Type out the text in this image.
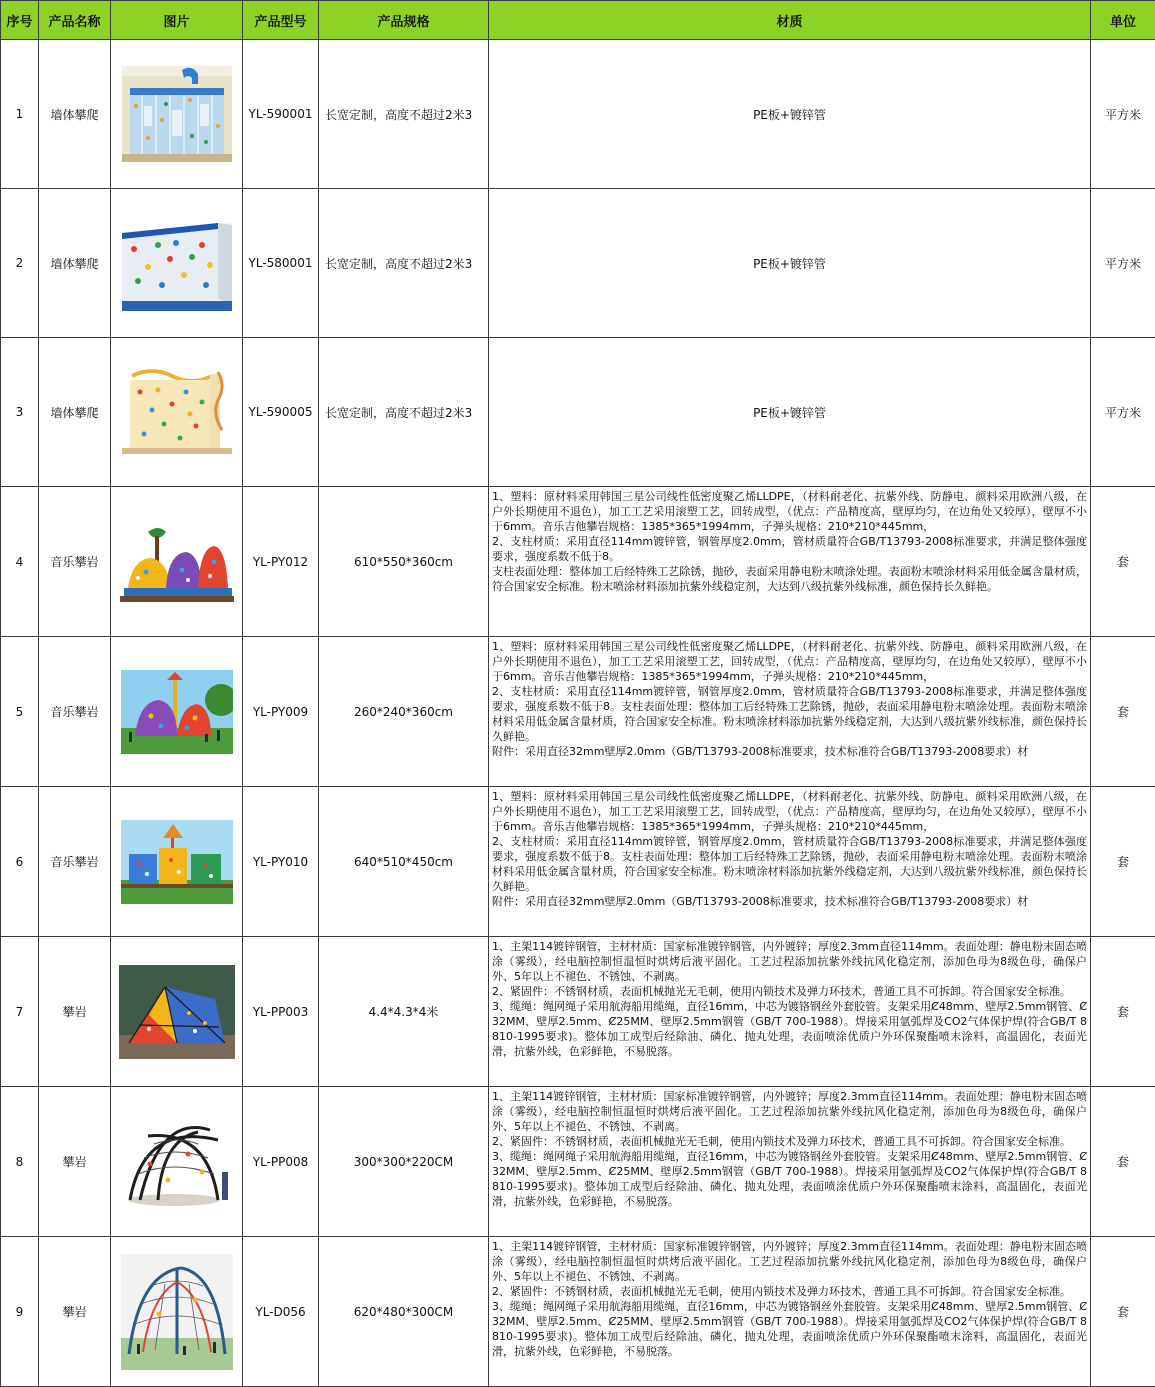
序号	产品名称	图片	产品型号	产品规格	材质	单位
1	墙体攀爬		YL-590001	长宽定制，高度不超过2米3	PE板+镀锌管	平方米
2	墙体攀爬		YL-580001	长宽定制，高度不超过2米3	PE板+镀锌管	平方米
3	墙体攀爬		YL-590005	长宽定制，高度不超过2米3	PE板+镀锌管	平方米
4	音乐攀岩		YL-PY012	610*550*360cm	1、塑料：原材料采用韩国三星公司线性低密度聚乙烯LLDPE，（材料耐老化、抗紫外线、防静电、颜料采用欧洲八级，在户外长期使用不退色），加工工艺采用滚塑工艺，回转成型，（优点：产品精度高，壁厚均匀，在边角处又较厚），壁厚不小于6mm。音乐吉他攀岩规格：1385*365*1994mm，子弹头规格：210*210*445mm，
2、支柱材质：采用直径114mm镀锌管，钢管厚度2.0mm，管材质量符合GB/T13793-2008标准要求，并满足整体强度要求，强度系数不低于8。
支柱表面处理：整体加工后经特殊工艺除锈，抛砂，表面采用静电粉末喷涂处理。表面粉末喷涂材料采用低金属含量材质，符合国家安全标准。粉末喷涂材料添加抗紫外线稳定剂，大达到八级抗紫外线标准，颜色保持长久鲜艳。	套
5	音乐攀岩		YL-PY009	260*240*360cm	1、塑料：原材料采用韩国三星公司线性低密度聚乙烯LLDPE，（材料耐老化、抗紫外线、防静电、颜料采用欧洲八级，在户外长期使用不退色），加工工艺采用滚塑工艺，回转成型，（优点：产品精度高，壁厚均匀，在边角处又较厚），壁厚不小于6mm。音乐吉他攀岩规格：1385*365*1994mm，子弹头规格：210*210*445mm，
2、支柱材质：采用直径114mm镀锌管，钢管厚度2.0mm，管材质量符合GB/T13793-2008标准要求，并满足整体强度要求，强度系数不低于8。支柱表面处理：整体加工后经特殊工艺除锈，抛砂，表面采用静电粉末喷涂处理。表面粉末喷涂材料采用低金属含量材质，符合国家安全标准。粉末喷涂材料添加抗紫外线稳定剂，大达到八级抗紫外线标准，颜色保持长久鲜艳。
附件：采用直径32mm壁厚2.0mm（GB/T13793-2008标准要求，技术标准符合GB/T13793-2008要求）材	套
6	音乐攀岩		YL-PY010	640*510*450cm	1、塑料：原材料采用韩国三星公司线性低密度聚乙烯LLDPE，（材料耐老化、抗紫外线、防静电、颜料采用欧洲八级，在户外长期使用不退色），加工工艺采用滚塑工艺，回转成型，（优点：产品精度高，壁厚均匀，在边角处又较厚），壁厚不小于6mm。音乐吉他攀岩规格：1385*365*1994mm，子弹头规格：210*210*445mm，
2、支柱材质：采用直径114mm镀锌管，钢管厚度2.0mm，管材质量符合GB/T13793-2008标准要求，并满足整体强度要求，强度系数不低于8。支柱表面处理：整体加工后经特殊工艺除锈，抛砂，表面采用静电粉末喷涂处理。表面粉末喷涂材料采用低金属含量材质，符合国家安全标准。粉末喷涂材料添加抗紫外线稳定剂，大达到八级抗紫外线标准，颜色保持长久鲜艳。
附件：采用直径32mm壁厚2.0mm（GB/T13793-2008标准要求，技术标准符合GB/T13793-2008要求）材	套
7	攀岩		YL-PP003	4.4*4.3*4米	1、主架114镀锌钢管，主材材质：国家标准镀锌钢管，内外镀锌；厚度2.3mm直径114mm。表面处理：静电粉末固态喷涂（雾级），经电脑控制恒温恒时烘烤后液平固化。工艺过程添加抗紫外线抗风化稳定剂，添加色母为8级色母，确保户外、5年以上不褪色、不锈蚀、不剥离。
2、紧固件：不锈钢材质，表面机械抛光无毛刺，使用内锁技术及弹力环技术，普通工具不可拆卸。符合国家安全标准。
3、缆绳：绳网绳子采用航海船用缆绳，直径16mm，中芯为镀铬钢丝外套胶管。支架采用Ȼ48mm、壁厚2.5mm钢管、Ȼ32MM、壁厚2.5mm、Ȼ25MM、壁厚2.5mm钢管（GB/T 700-1988）。焊接采用氩弧焊及CO2气体保护焊(符合GB/T 8810-1995要求)。整体加工成型后经除油、磷化、抛丸处理，表面喷涂优质户外环保聚酯喷末涂料，高温固化，表面光滑，抗紫外线，色彩鲜艳，不易脱落。	套
8	攀岩		YL-PP008	300*300*220CM	1、主架114镀锌钢管，主材材质：国家标准镀锌钢管，内外镀锌；厚度2.3mm直径114mm。表面处理：静电粉末固态喷涂（雾级），经电脑控制恒温恒时烘烤后液平固化。工艺过程添加抗紫外线抗风化稳定剂，添加色母为8级色母，确保户外、5年以上不褪色、不锈蚀、不剥离。
2、紧固件：不锈钢材质，表面机械抛光无毛刺，使用内锁技术及弹力环技术，普通工具不可拆卸。符合国家安全标准。
3、缆绳：绳网绳子采用航海船用缆绳，直径16mm，中芯为镀铬钢丝外套胶管。支架采用Ȼ48mm、壁厚2.5mm钢管、Ȼ32MM、壁厚2.5mm、Ȼ25MM、壁厚2.5mm钢管（GB/T 700-1988）。焊接采用氩弧焊及CO2气体保护焊(符合GB/T 8810-1995要求)。整体加工成型后经除油、磷化、抛丸处理，表面喷涂优质户外环保聚酯喷末涂料，高温固化，表面光滑，抗紫外线，色彩鲜艳，不易脱落。	套
9	攀岩		YL-D056	620*480*300CM	1、主架114镀锌钢管，主材材质：国家标准镀锌钢管，内外镀锌；厚度2.3mm直径114mm。表面处理：静电粉末固态喷涂（雾级），经电脑控制恒温恒时烘烤后液平固化。工艺过程添加抗紫外线抗风化稳定剂，添加色母为8级色母，确保户外、5年以上不褪色、不锈蚀、不剥离。
2、紧固件：不锈钢材质，表面机械抛光无毛刺，使用内锁技术及弹力环技术，普通工具不可拆卸。符合国家安全标准。
3、缆绳：绳网绳子采用航海船用缆绳，直径16mm，中芯为镀铬钢丝外套胶管。支架采用Ȼ48mm、壁厚2.5mm钢管、Ȼ32MM、壁厚2.5mm、Ȼ25MM、壁厚2.5mm钢管（GB/T 700-1988）。焊接采用氩弧焊及CO2气体保护焊(符合GB/T 8810-1995要求)。整体加工成型后经除油、磷化、抛丸处理，表面喷涂优质户外环保聚酯喷末涂料，高温固化，表面光滑，抗紫外线，色彩鲜艳，不易脱落。	套
